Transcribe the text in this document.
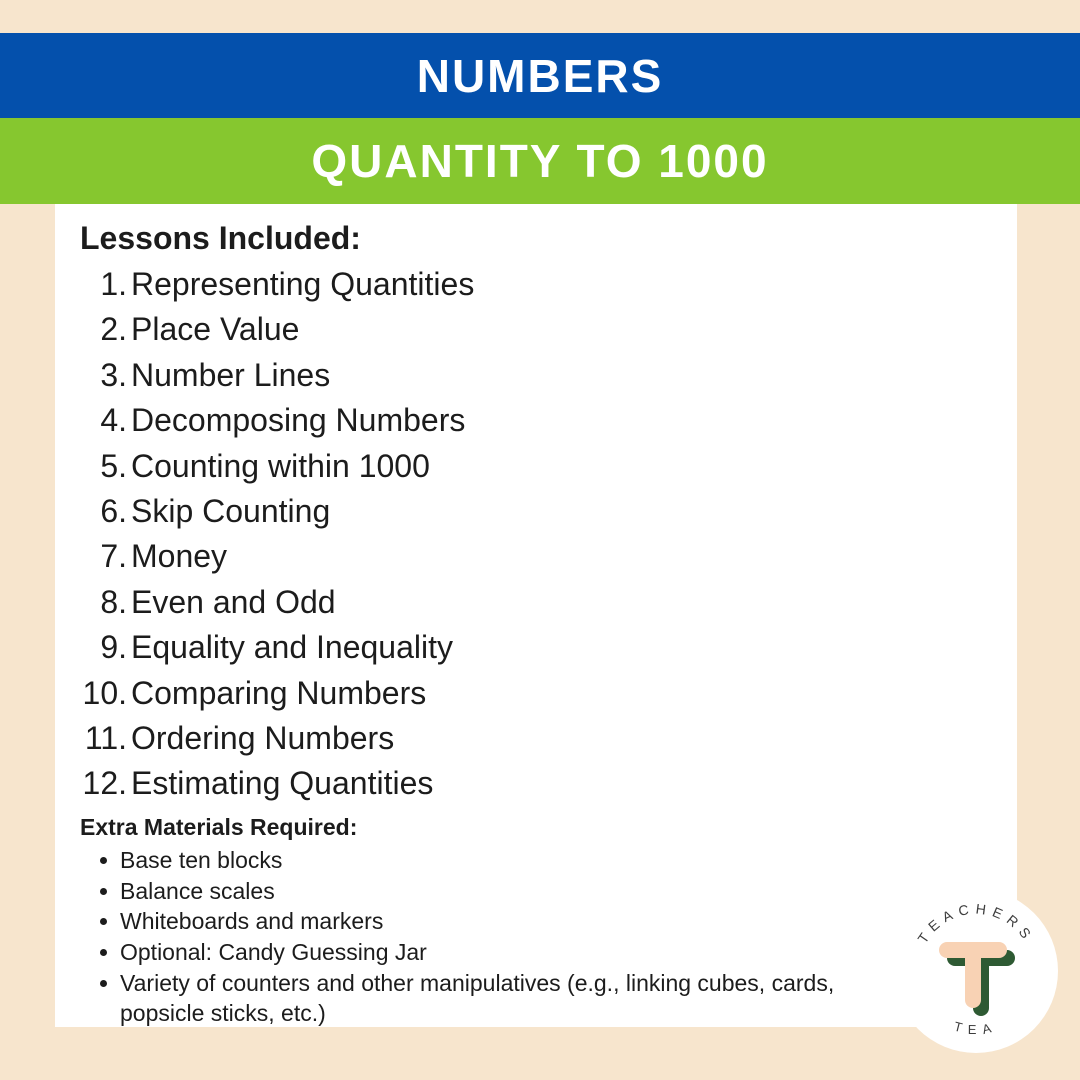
NUMBERS
QUANTITY TO 1000
Lessons Included:
1. Representing Quantities
2. Place Value
3. Number Lines
4. Decomposing Numbers
5. Counting within 1000
6. Skip Counting
7. Money
8. Even and Odd
9. Equality and Inequality
10. Comparing Numbers
11. Ordering Numbers
12. Estimating Quantities
Extra Materials Required:
Base ten blocks
Balance scales
Whiteboards and markers
Optional: Candy Guessing Jar
Variety of counters and other manipulatives (e.g., linking cubes, cards, popsicle sticks, etc.)
TEACHERS
TEA
